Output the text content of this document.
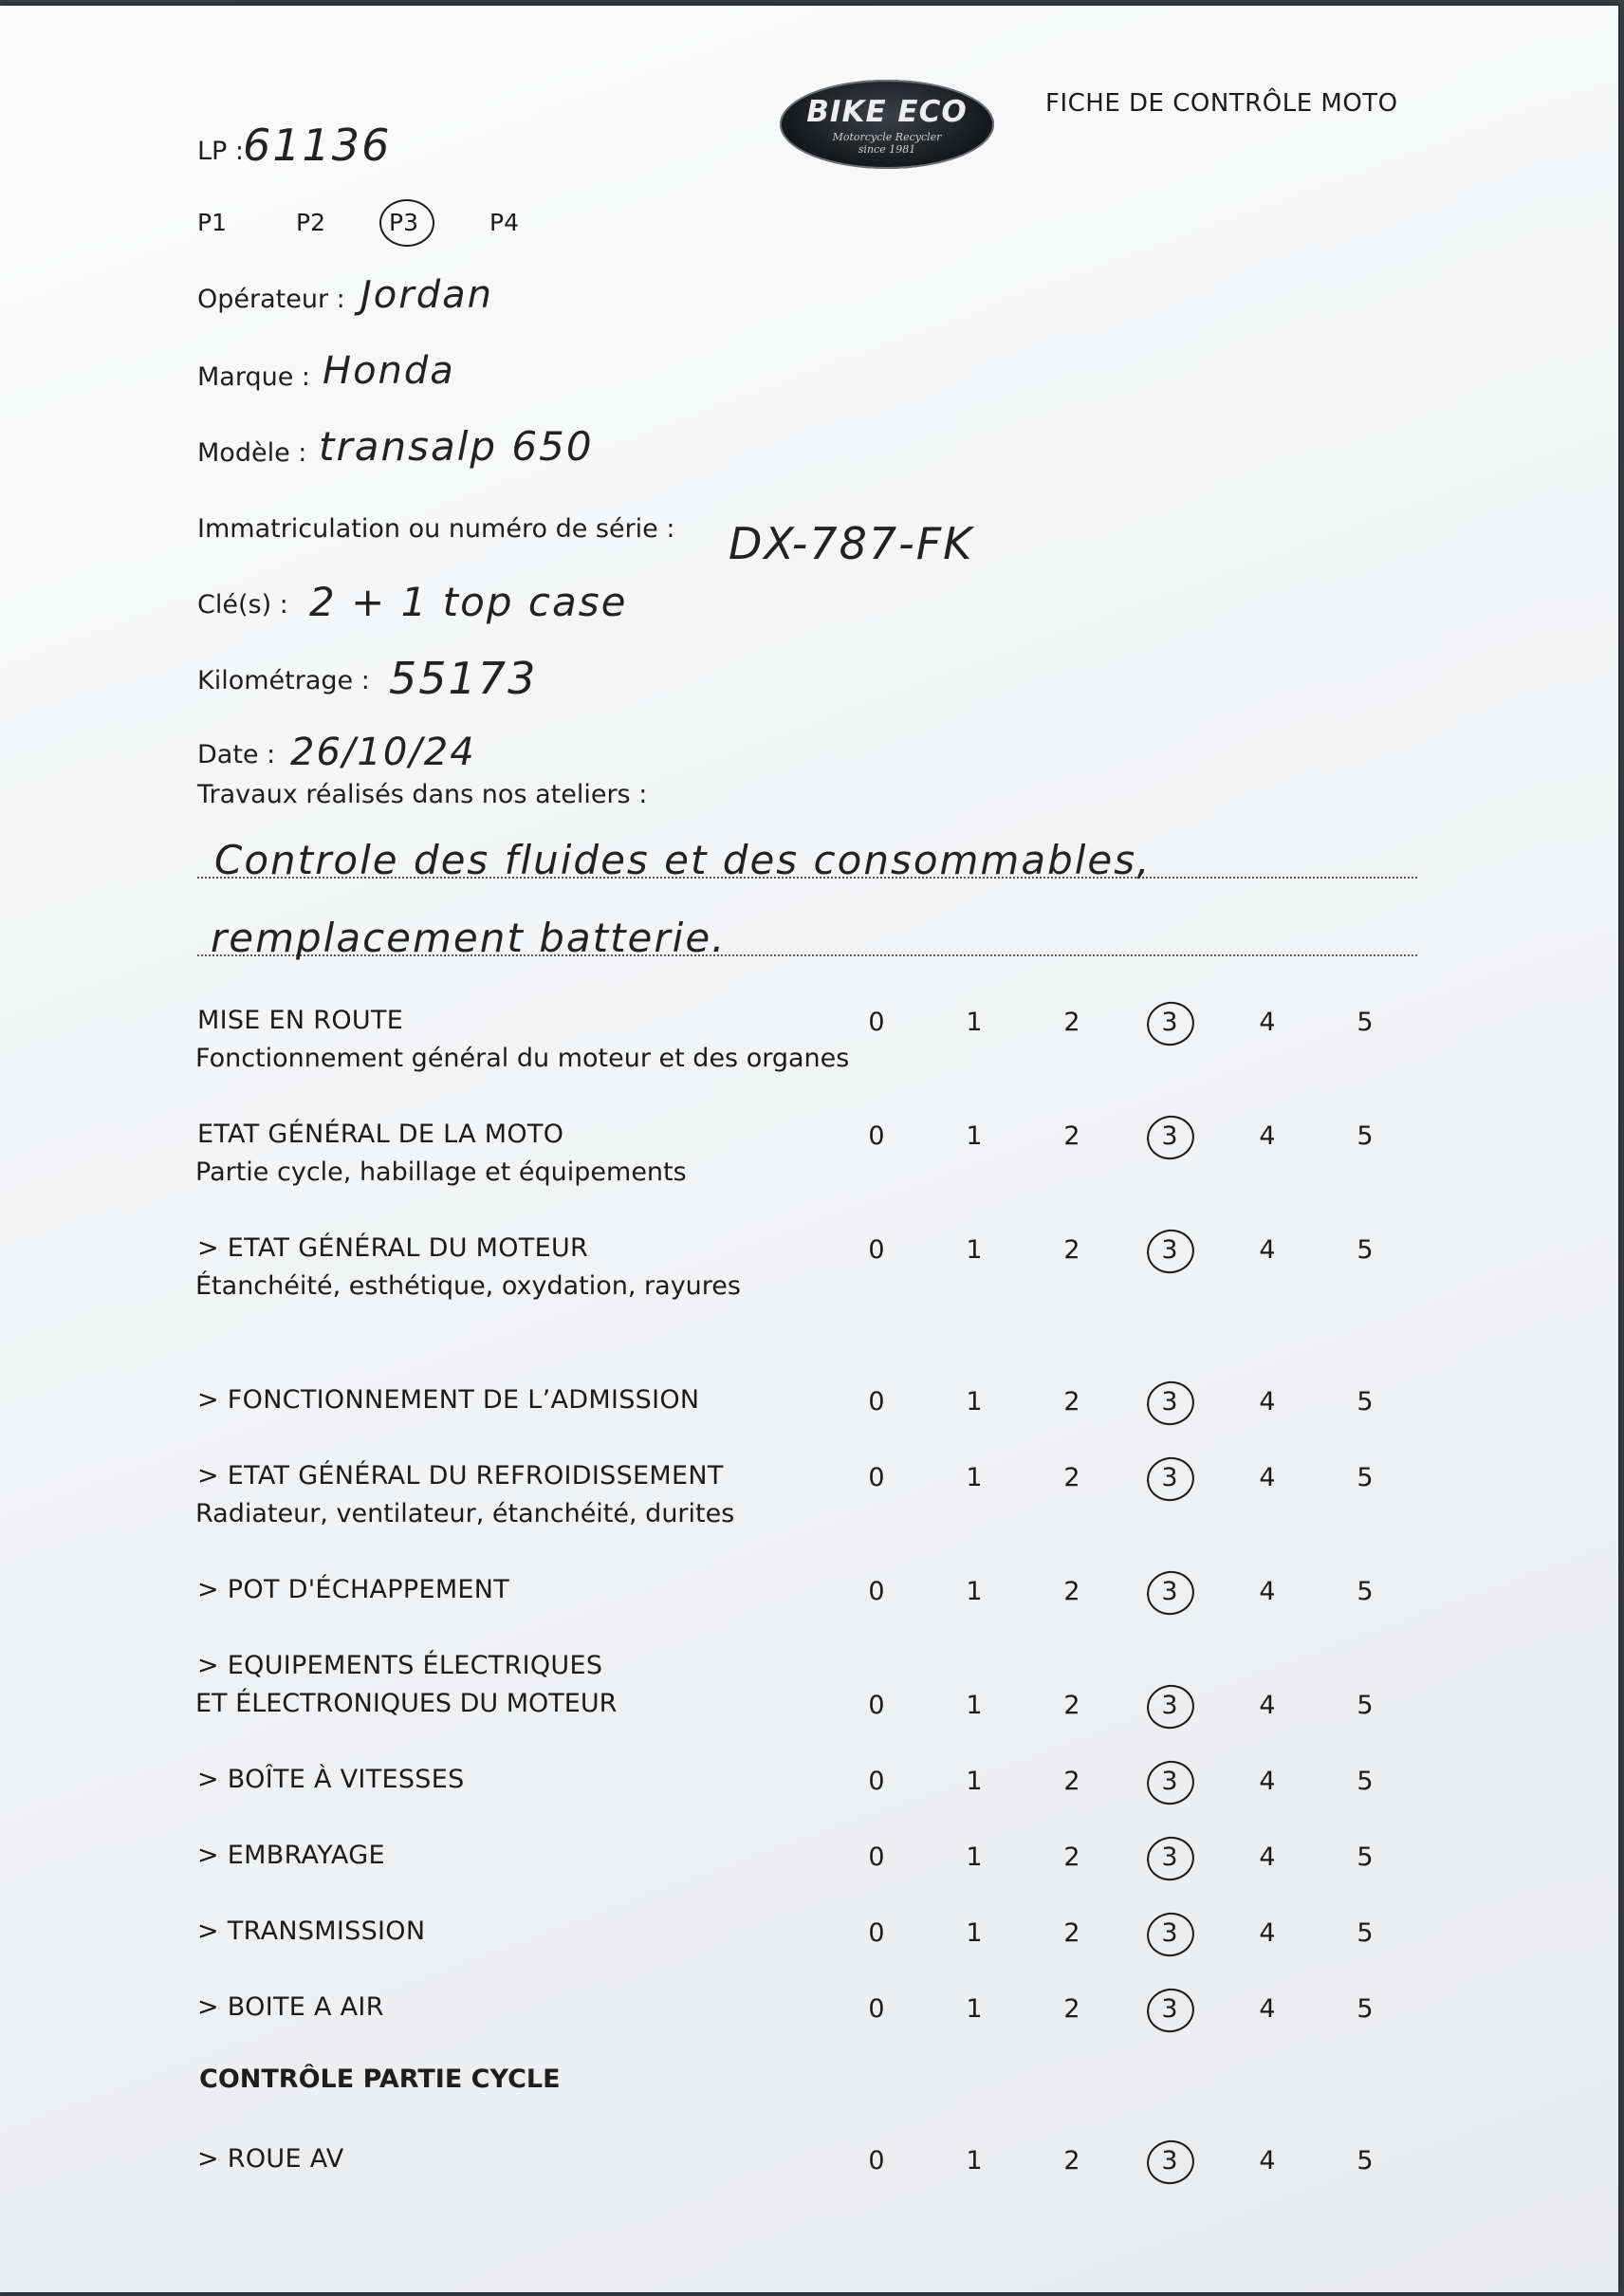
BIKE ECO
Motorcycle Recycler
since 1981
FICHE DE CONTRÔLE MOTO
LP :
61136
P1	P2	P3	P4
Opérateur : Jordan
Marque : Honda
Modèle : transalp 650
Immatriculation ou numéro de série : DX-787-FK
Clé(s) : 2 + 1 top case
Kilométrage : 55173
Date : 26/10/24
Travaux réalisés dans nos ateliers :
Controle des fluides et des consommables,
remplacement batterie.
MISE EN ROUTE
Fonctionnement général du moteur et des organes
0	1	2	3	4	5
ETAT GÉNÉRAL DE LA MOTO
Partie cycle, habillage et équipements
0	1	2	3	4	5
> ETAT GÉNÉRAL DU MOTEUR
Étanchéité, esthétique, oxydation, rayures
0	1	2	3	4	5
> FONCTIONNEMENT DE L’ADMISSION	0	1	2	3	4	5
> ETAT GÉNÉRAL DU REFROIDISSEMENT
Radiateur, ventilateur, étanchéité, durites
0	1	2	3	4	5
> POT D'ÉCHAPPEMENT	0	1	2	3	4	5
> EQUIPEMENTS ÉLECTRIQUES
ET ÉLECTRONIQUES DU MOTEUR	0	1	2	3	4	5
> BOÎTE À VITESSES	0	1	2	3	4	5
> EMBRAYAGE	0	1	2	3	4	5
> TRANSMISSION	0	1	2	3	4	5
> BOITE A AIR	0	1	2	3	4	5
CONTRÔLE PARTIE CYCLE
> ROUE AV	0	1	2	3	4	5
